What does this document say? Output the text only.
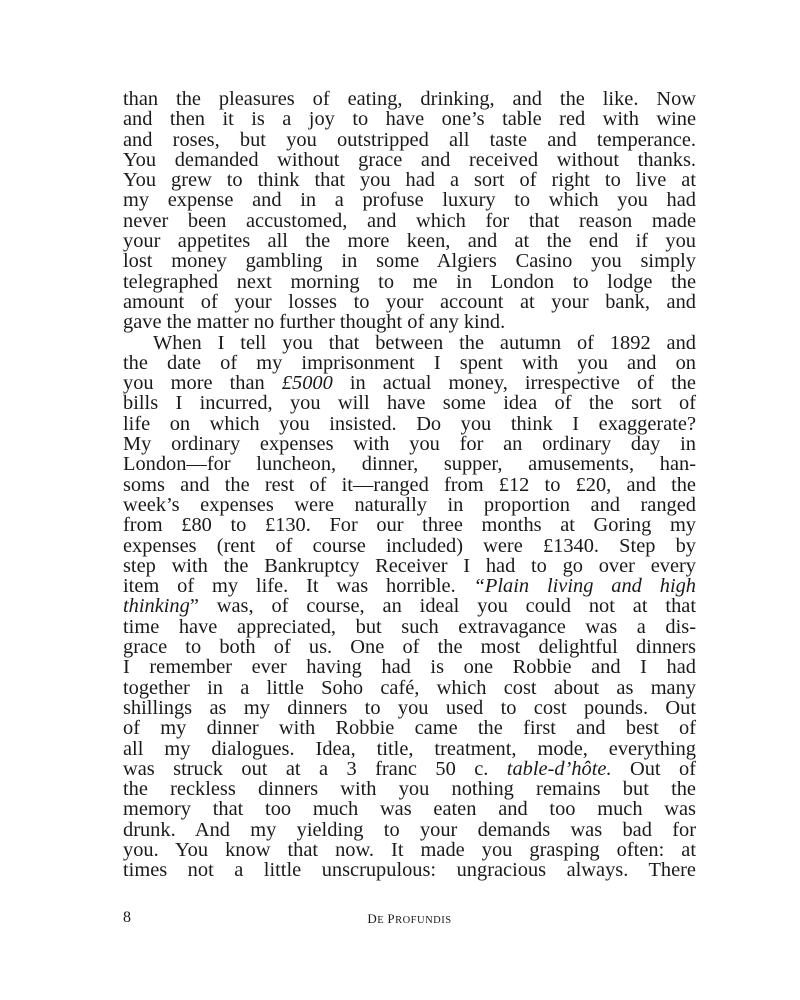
than the pleasures of eating, drinking, and the like. Now
and then it is a joy to have one’s table red with wine
and roses, but you outstripped all taste and temperance.
You demanded without grace and received without thanks.
You grew to think that you had a sort of right to live at
my expense and in a profuse luxury to which you had
never been accustomed, and which for that reason made
your appetites all the more keen, and at the end if you
lost money gambling in some Algiers Casino you simply
telegraphed next morning to me in London to lodge the
amount of your losses to your account at your bank, and
gave the matter no further thought of any kind.
When I tell you that between the autumn of 1892 and
the date of my imprisonment I spent with you and on
you more than £5000 in actual money, irrespective of the
bills I incurred, you will have some idea of the sort of
life on which you insisted. Do you think I exaggerate?
My ordinary expenses with you for an ordinary day in
London—for luncheon, dinner, supper, amusements, han-
soms and the rest of it—ranged from £12 to £20, and the
week’s expenses were naturally in proportion and ranged
from £80 to £130. For our three months at Goring my
expenses (rent of course included) were £1340. Step by
step with the Bankruptcy Receiver I had to go over every
item of my life. It was horrible. “Plain living and high
thinking” was, of course, an ideal you could not at that
time have appreciated, but such extravagance was a dis-
grace to both of us. One of the most delightful dinners
I remember ever having had is one Robbie and I had
together in a little Soho café, which cost about as many
shillings as my dinners to you used to cost pounds. Out
of my dinner with Robbie came the first and best of
all my dialogues. Idea, title, treatment, mode, everything
was struck out at a 3 franc 50 c. table-d’hôte. Out of
the reckless dinners with you nothing remains but the
memory that too much was eaten and too much was
drunk. And my yielding to your demands was bad for
you. You know that now. It made you grasping often: at
times not a little unscrupulous: ungracious always. There
8	DE PROFUNDIS
